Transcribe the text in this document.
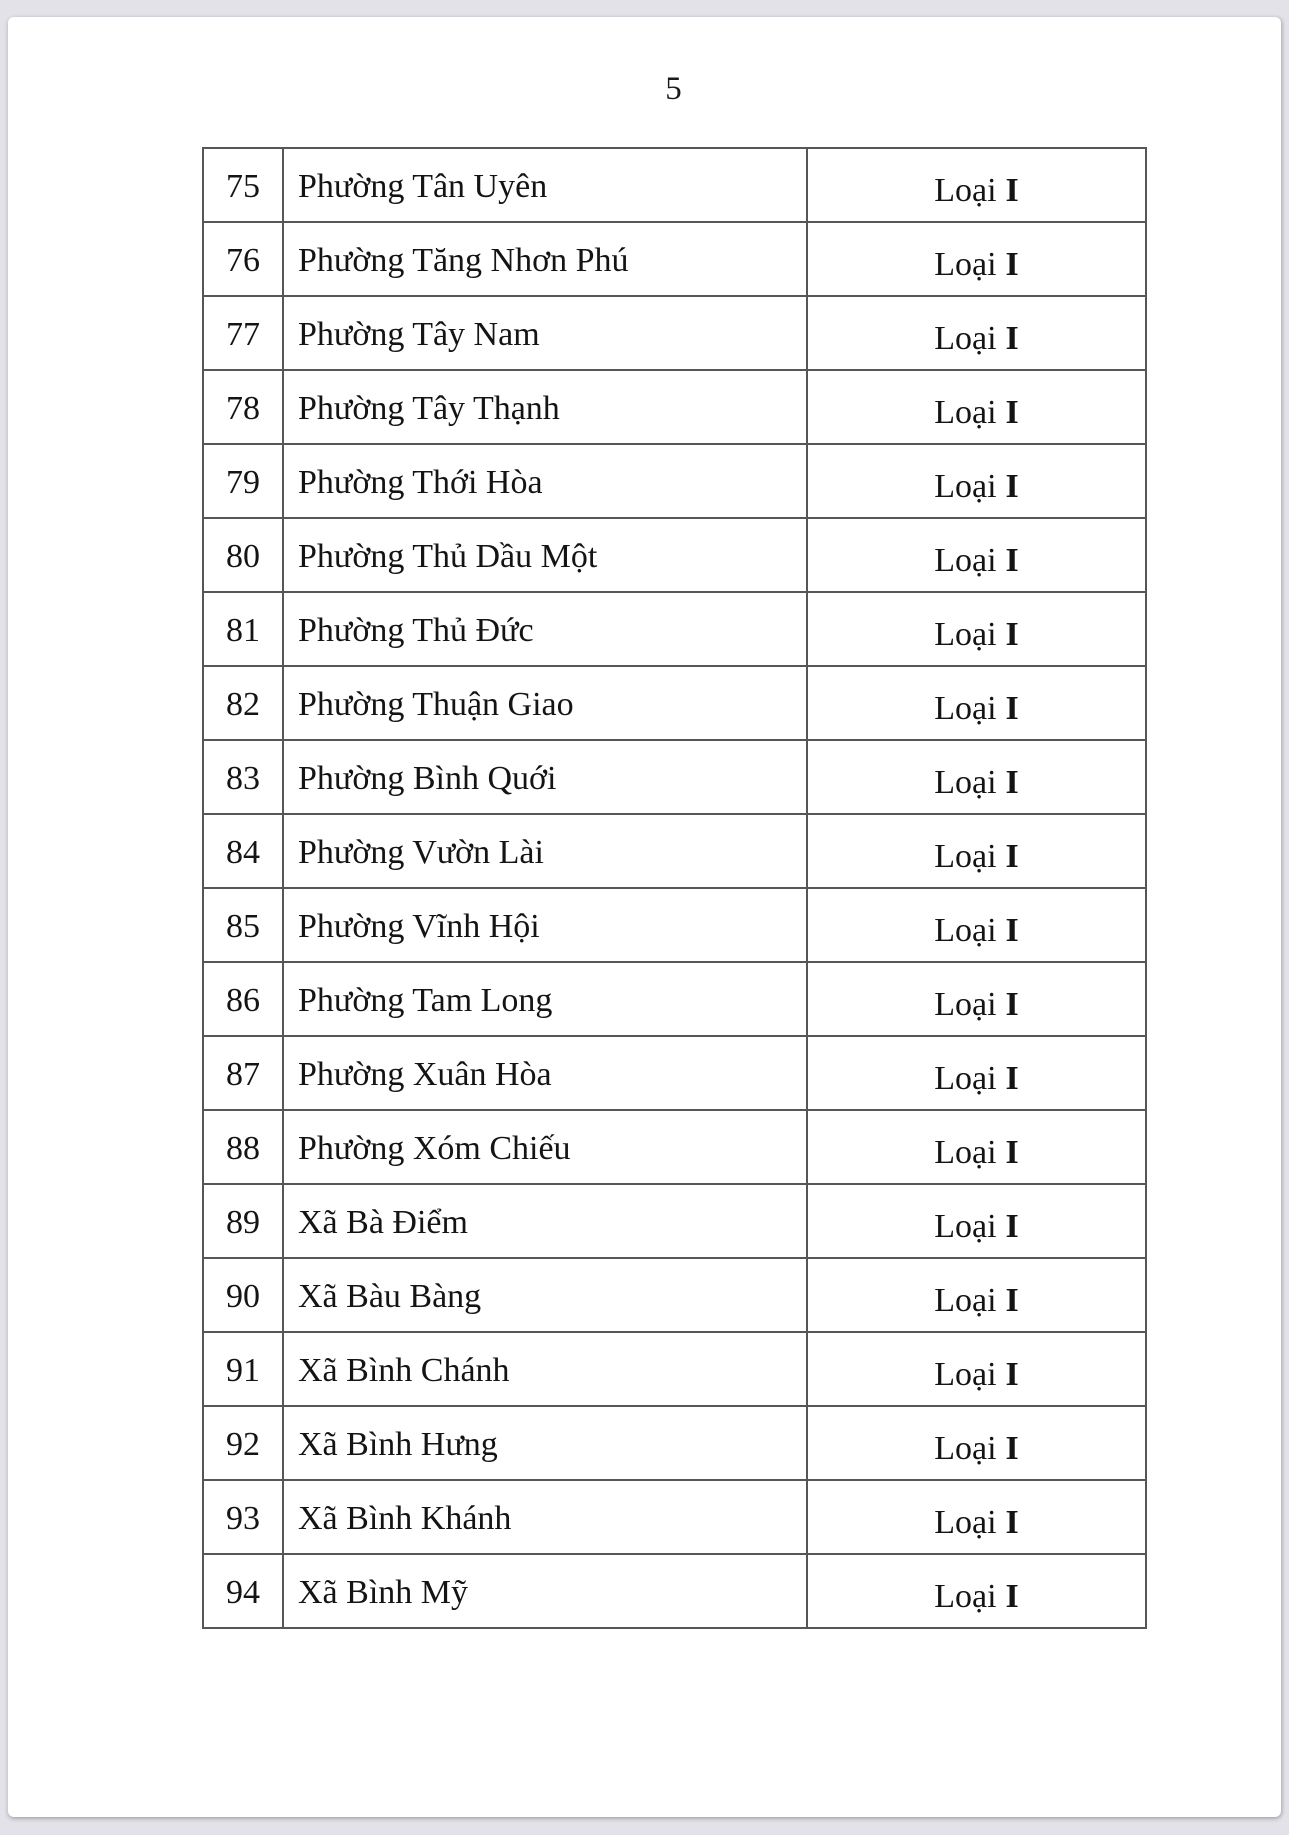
5
75	Phường Tân Uyên	Loại I
76	Phường Tăng Nhơn Phú	Loại I
77	Phường Tây Nam	Loại I
78	Phường Tây Thạnh	Loại I
79	Phường Thới Hòa	Loại I
80	Phường Thủ Dầu Một	Loại I
81	Phường Thủ Đức	Loại I
82	Phường Thuận Giao	Loại I
83	Phường Bình Quới	Loại I
84	Phường Vườn Lài	Loại I
85	Phường Vĩnh Hội	Loại I
86	Phường Tam Long	Loại I
87	Phường Xuân Hòa	Loại I
88	Phường Xóm Chiếu	Loại I
89	Xã Bà Điểm	Loại I
90	Xã Bàu Bàng	Loại I
91	Xã Bình Chánh	Loại I
92	Xã Bình Hưng	Loại I
93	Xã Bình Khánh	Loại I
94	Xã Bình Mỹ	Loại I
